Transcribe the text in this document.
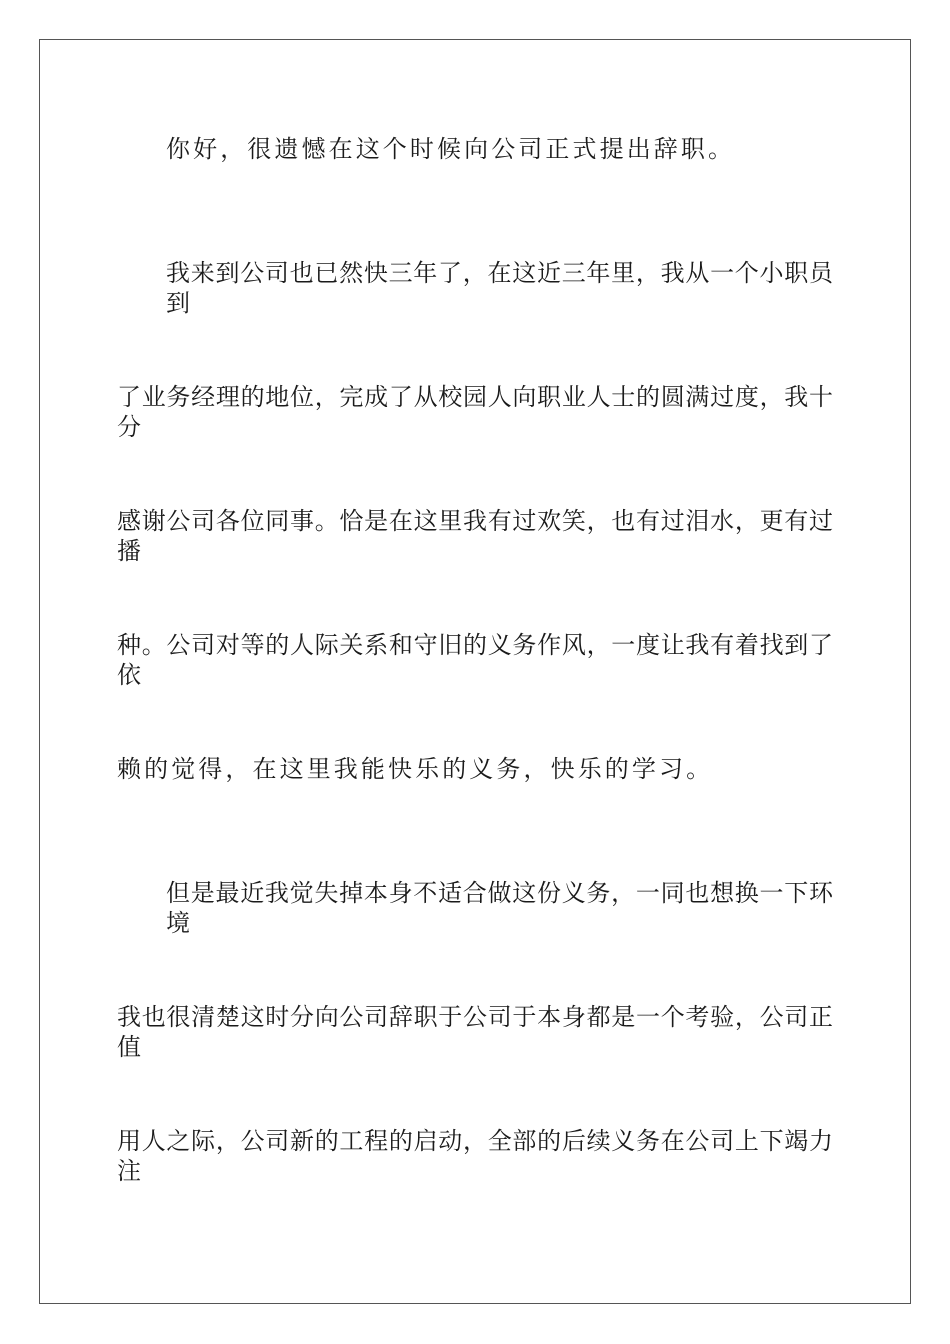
你好，很遗憾在这个时候向公司正式提出辞职。
我来到公司也已然快三年了，在这近三年里，我从一个小职员到
了业务经理的地位，完成了从校园人向职业人士的圆满过度，我十分
感谢公司各位同事。恰是在这里我有过欢笑，也有过泪水，更有过播
种。公司对等的人际关系和守旧的义务作风，一度让我有着找到了依
赖的觉得，在这里我能快乐的义务，快乐的学习。
但是最近我觉失掉本身不适合做这份义务，一同也想换一下环境
我也很清楚这时分向公司辞职于公司于本身都是一个考验，公司正值
用人之际，公司新的工程的启动，全部的后续义务在公司上下竭力注
